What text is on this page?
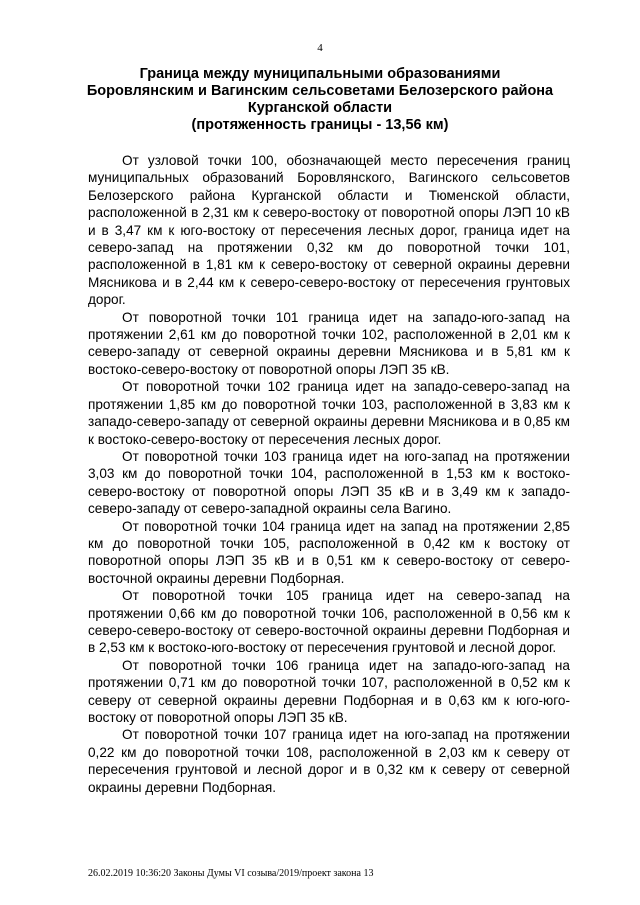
4
Граница между муниципальными образованиями
Боровлянским и Вагинским сельсоветами Белозерского района
Курганской области
(протяженность границы - 13,56 км)

От узловой точки 100, обозначающей место пересечения границ муниципальных образований Боровлянского, Вагинского сельсоветов Белозерского района Курганской области и Тюменской области, расположенной в 2,31 км к северо-востоку от поворотной опоры ЛЭП 10 кВ и в 3,47 км к юго-востоку от пересечения лесных дорог, граница идет на северо-запад на протяжении 0,32 км до поворотной точки 101, расположенной в 1,81 км к северо-востоку от северной окраины деревни Мясникова и в 2,44 км к северо-северо-востоку от пересечения грунтовых дорог.

От поворотной точки 101 граница идет на западо-юго-запад на протяжении 2,61 км до поворотной точки 102, расположенной в 2,01 км к северо-западу от северной окраины деревни Мясникова и в 5,81 км к востоко-северо-востоку от поворотной опоры ЛЭП 35 кВ.

От поворотной точки 102 граница идет на западо-северо-запад на протяжении 1,85 км до поворотной точки 103, расположенной в 3,83 км к западо-северо-западу от северной окраины деревни Мясникова и в 0,85 км к востоко-северо-востоку от пересечения лесных дорог.

От поворотной точки 103 граница идет на юго-запад на протяжении 3,03 км до поворотной точки 104, расположенной в 1,53 км к востоко-северо-востоку от поворотной опоры ЛЭП 35 кВ и в 3,49 км к западо-северо-западу от северо-западной окраины села Вагино.

От поворотной точки 104 граница идет на запад на протяжении 2,85 км до поворотной точки 105, расположенной в 0,42 км к востоку от поворотной опоры ЛЭП 35 кВ и в 0,51 км к северо-востоку от северо-восточной окраины деревни Подборная.

От поворотной точки 105 граница идет на северо-запад на протяжении 0,66 км до поворотной точки 106, расположенной в 0,56 км к северо-северо-востоку от северо-восточной окраины деревни Подборная и в 2,53 км к востоко-юго-востоку от пересечения грунтовой и лесной дорог.

От поворотной точки 106 граница идет на западо-юго-запад на протяжении 0,71 км до поворотной точки 107, расположенной в 0,52 км к северу от северной окраины деревни Подборная и в 0,63 км к юго-юго-востоку от поворотной опоры ЛЭП 35 кВ.

От поворотной точки 107 граница идет на юго-запад на протяжении 0,22 км до поворотной точки 108, расположенной в 2,03 км к северу от пересечения грунтовой и лесной дорог и в 0,32 км к северу от северной окраины деревни Подборная.

26.02.2019 10:36:20 Законы Думы VI созыва/2019/проект закона 13
